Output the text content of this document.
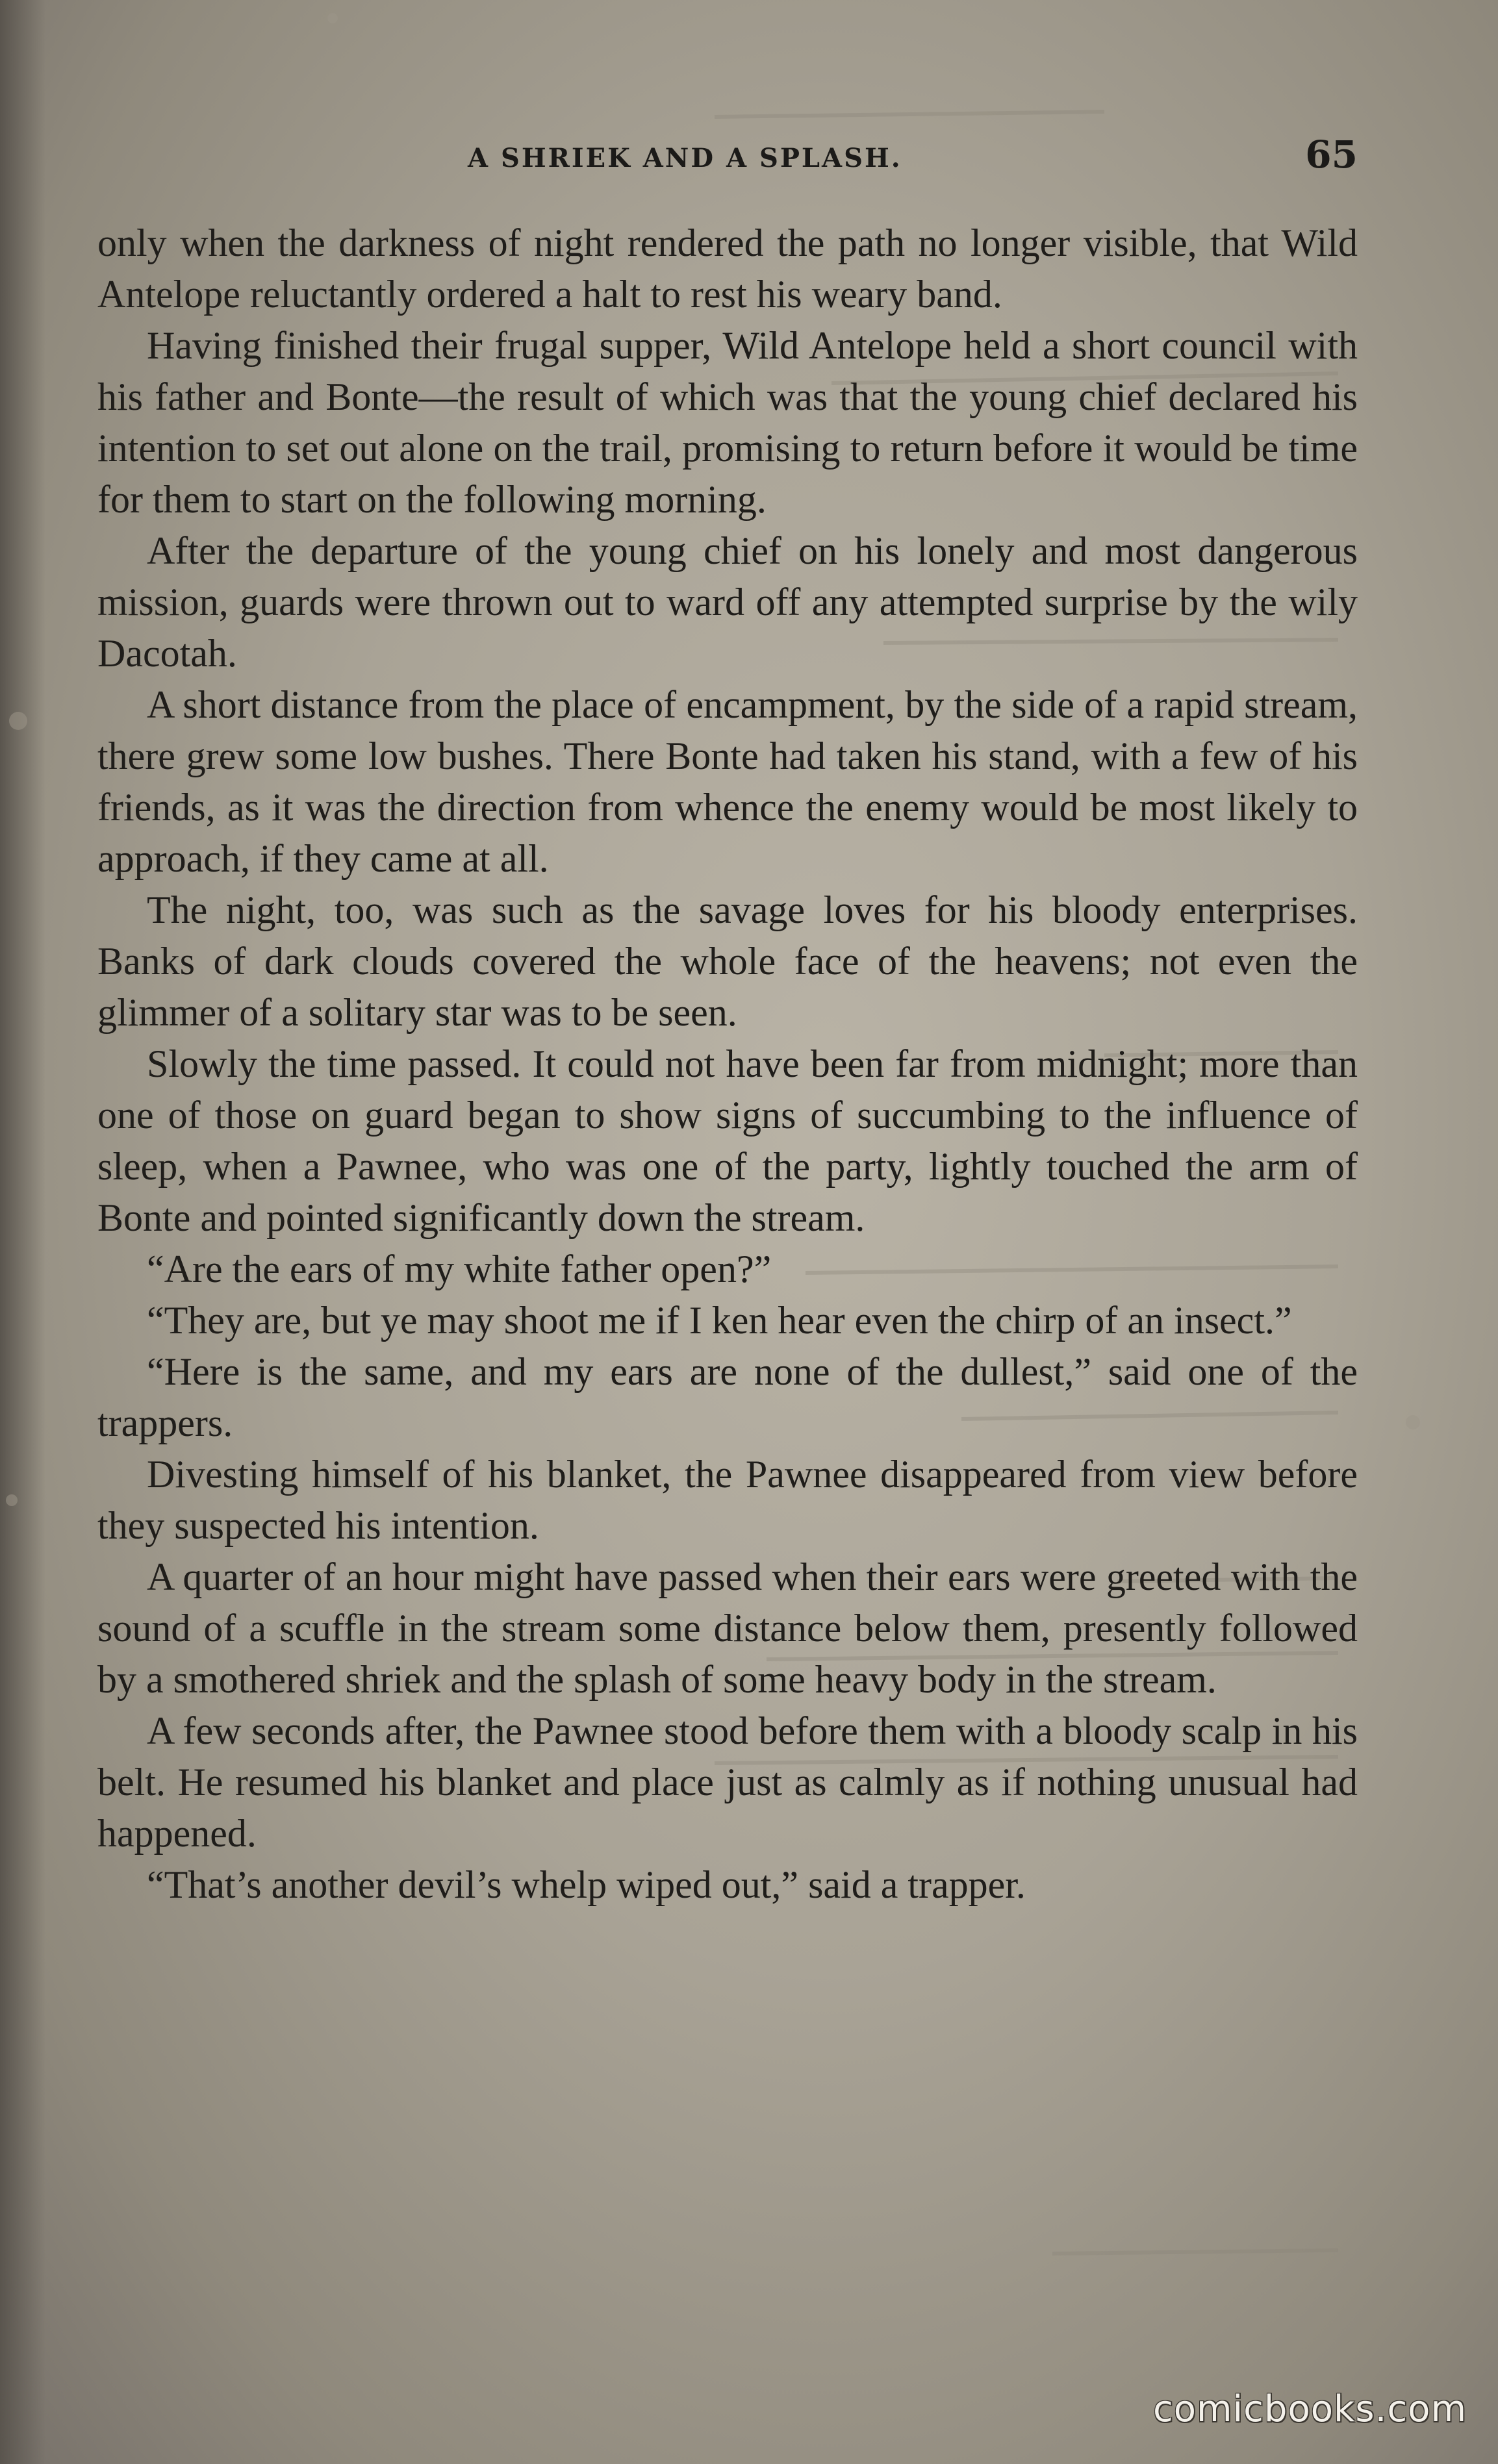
A SHRIEK AND A SPLASH.	65

only when the darkness of night rendered the path no longer visible, that Wild Antelope reluctantly ordered a halt to rest his weary band.

Having finished their frugal supper, Wild Antelope held a short council with his father and Bonte—the result of which was that the young chief declared his intention to set out alone on the trail, promising to return before it would be time for them to start on the following morning.

After the departure of the young chief on his lonely and most dangerous mission, guards were thrown out to ward off any attempted surprise by the wily Dacotah.

A short distance from the place of encampment, by the side of a rapid stream, there grew some low bushes. There Bonte had taken his stand, with a few of his friends, as it was the direction from whence the enemy would be most likely to approach, if they came at all.

The night, too, was such as the savage loves for his bloody enterprises. Banks of dark clouds covered the whole face of the heavens; not even the glimmer of a solitary star was to be seen.

Slowly the time passed. It could not have been far from midnight; more than one of those on guard began to show signs of succumbing to the influence of sleep, when a Pawnee, who was one of the party, lightly touched the arm of Bonte and pointed significantly down the stream.

“Are the ears of my white father open?”

“They are, but ye may shoot me if I ken hear even the chirp of an insect.”

“Here is the same, and my ears are none of the dullest,” said one of the trappers.

Divesting himself of his blanket, the Pawnee disappeared from view before they suspected his intention.

A quarter of an hour might have passed when their ears were greeted with the sound of a scuffle in the stream some distance below them, presently followed by a smothered shriek and the splash of some heavy body in the stream.

A few seconds after, the Pawnee stood before them with a bloody scalp in his belt. He resumed his blanket and place just as calmly as if nothing unusual had happened.

“That’s another devil’s whelp wiped out,” said a trapper.

comicbooks.com
